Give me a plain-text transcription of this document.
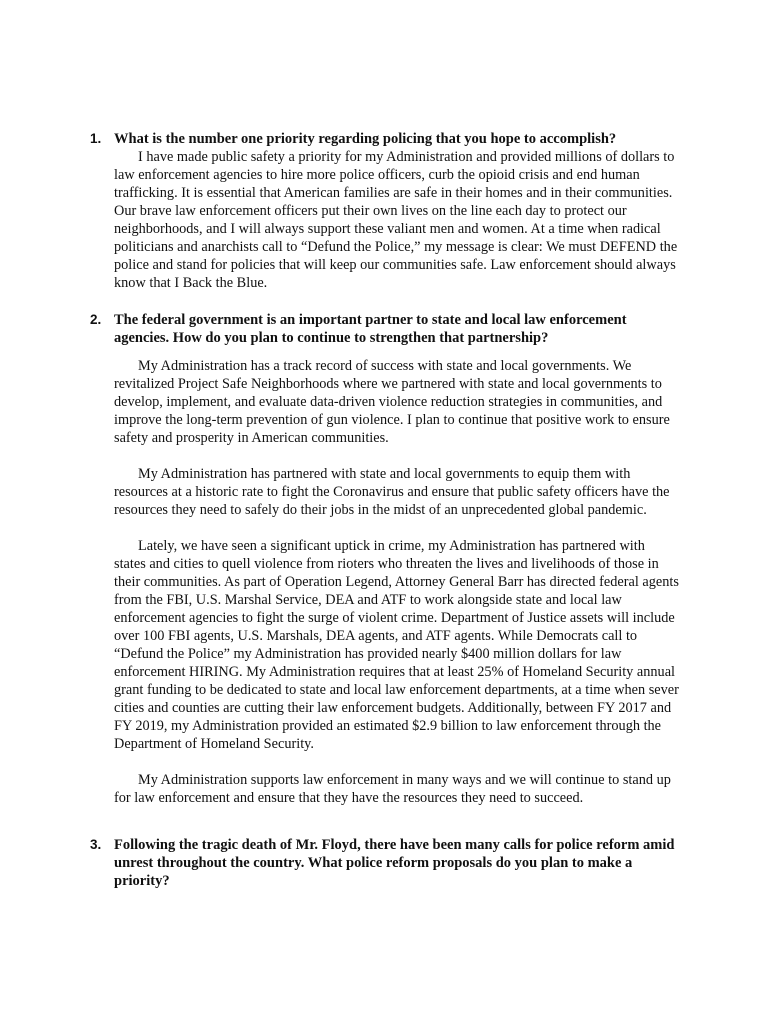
1. What is the number one priority regarding policing that you hope to accomplish?

I have made public safety a priority for my Administration and provided millions of dollars to law enforcement agencies to hire more police officers, curb the opioid crisis and end human trafficking. It is essential that American families are safe in their homes and in their communities. Our brave law enforcement officers put their own lives on the line each day to protect our neighborhoods, and I will always support these valiant men and women. At a time when radical politicians and anarchists call to “Defund the Police,” my message is clear: We must DEFEND the police and stand for policies that will keep our communities safe. Law enforcement should always know that I Back the Blue.

2. The federal government is an important partner to state and local law enforcement agencies. How do you plan to continue to strengthen that partnership?

My Administration has a track record of success with state and local governments. We revitalized Project Safe Neighborhoods where we partnered with state and local governments to develop, implement, and evaluate data-driven violence reduction strategies in communities, and improve the long-term prevention of gun violence. I plan to continue that positive work to ensure safety and prosperity in American communities.

My Administration has partnered with state and local governments to equip them with resources at a historic rate to fight the Coronavirus and ensure that public safety officers have the resources they need to safely do their jobs in the midst of an unprecedented global pandemic.

Lately, we have seen a significant uptick in crime, my Administration has partnered with states and cities to quell violence from rioters who threaten the lives and livelihoods of those in their communities. As part of Operation Legend, Attorney General Barr has directed federal agents from the FBI, U.S. Marshal Service, DEA and ATF to work alongside state and local law enforcement agencies to fight the surge of violent crime. Department of Justice assets will include over 100 FBI agents, U.S. Marshals, DEA agents, and ATF agents. While Democrats call to “Defund the Police” my Administration has provided nearly $400 million dollars for law enforcement HIRING. My Administration requires that at least 25% of Homeland Security annual grant funding to be dedicated to state and local law enforcement departments, at a time when sever cities and counties are cutting their law enforcement budgets. Additionally, between FY 2017 and FY 2019, my Administration provided an estimated $2.9 billion to law enforcement through the Department of Homeland Security.

My Administration supports law enforcement in many ways and we will continue to stand up for law enforcement and ensure that they have the resources they need to succeed.

3. Following the tragic death of Mr. Floyd, there have been many calls for police reform amid unrest throughout the country. What police reform proposals do you plan to make a priority?
